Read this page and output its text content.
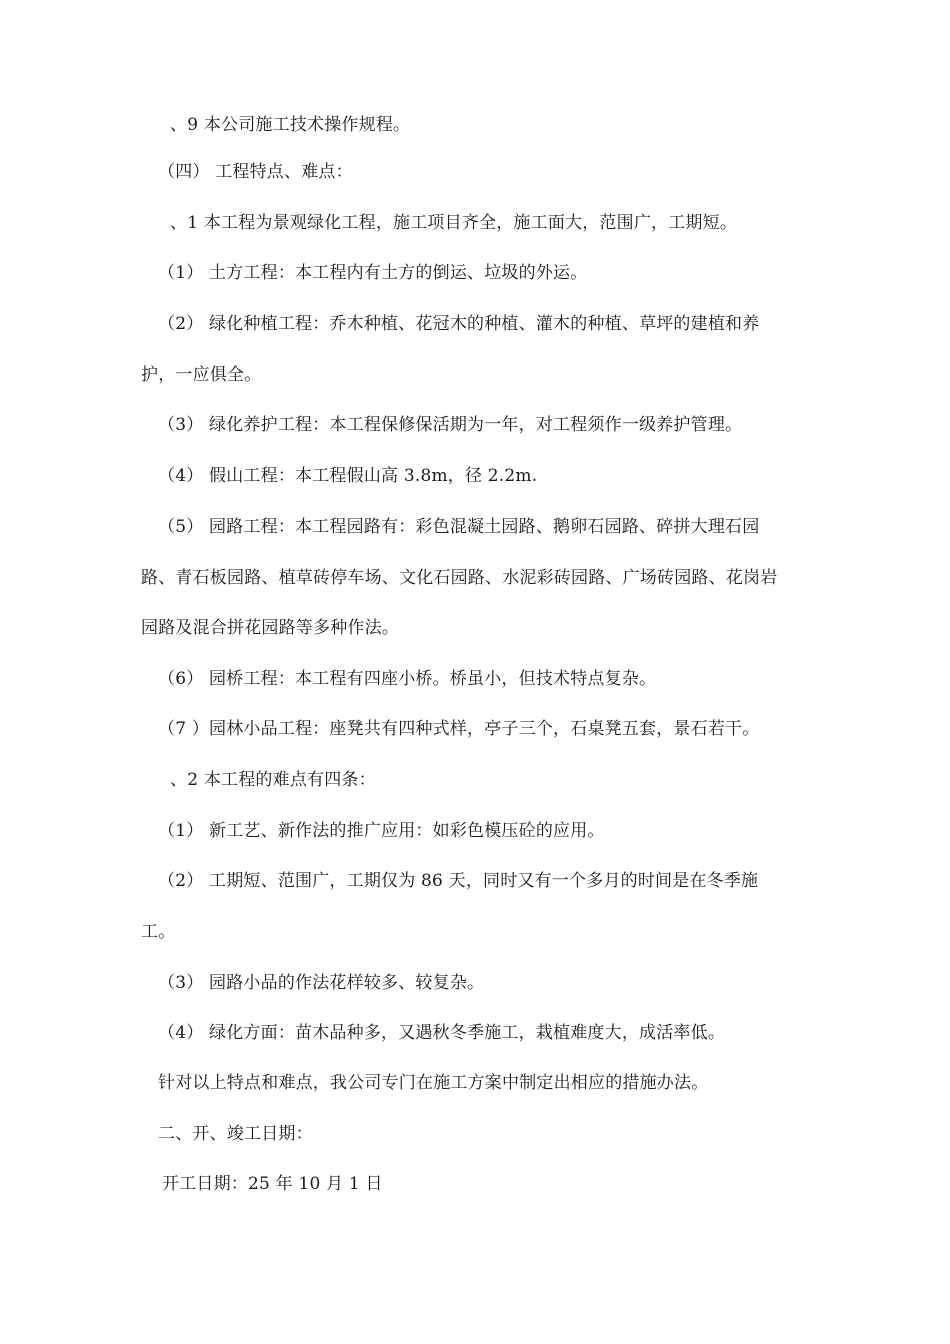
、9 本公司施工技术操作规程。
（四） 工程特点、难点：
、1 本工程为景观绿化工程，施工项目齐全，施工面大，范围广，工期短。
（1） 土方工程：本工程内有土方的倒运、垃圾的外运。
（2） 绿化种植工程：乔木种植、花冠木的种植、灌木的种植、草坪的建植和养
护，一应俱全。
（3） 绿化养护工程：本工程保修保活期为一年，对工程须作一级养护管理。
（4） 假山工程：本工程假山高 3.8m，径 2.2m.
（5） 园路工程：本工程园路有：彩色混凝土园路、鹅卵石园路、碎拼大理石园
路、青石板园路、植草砖停车场、文化石园路、水泥彩砖园路、广场砖园路、花岗岩
园路及混合拼花园路等多种作法。
（6） 园桥工程：本工程有四座小桥。桥虽小，但技术特点复杂。
（7 ）园林小品工程：座凳共有四种式样，亭子三个，石桌凳五套，景石若干。
、2 本工程的难点有四条：
（1） 新工艺、新作法的推广应用：如彩色模压砼的应用。
（2） 工期短、范围广，工期仅为 86 天，同时又有一个多月的时间是在冬季施
工。
（3） 园路小品的作法花样较多、较复杂。
（4） 绿化方面：苗木品种多，又遇秋冬季施工，栽植难度大，成活率低。
针对以上特点和难点，我公司专门在施工方案中制定出相应的措施办法。
二、开、竣工日期：
开工日期：25 年 10 月 1 日
